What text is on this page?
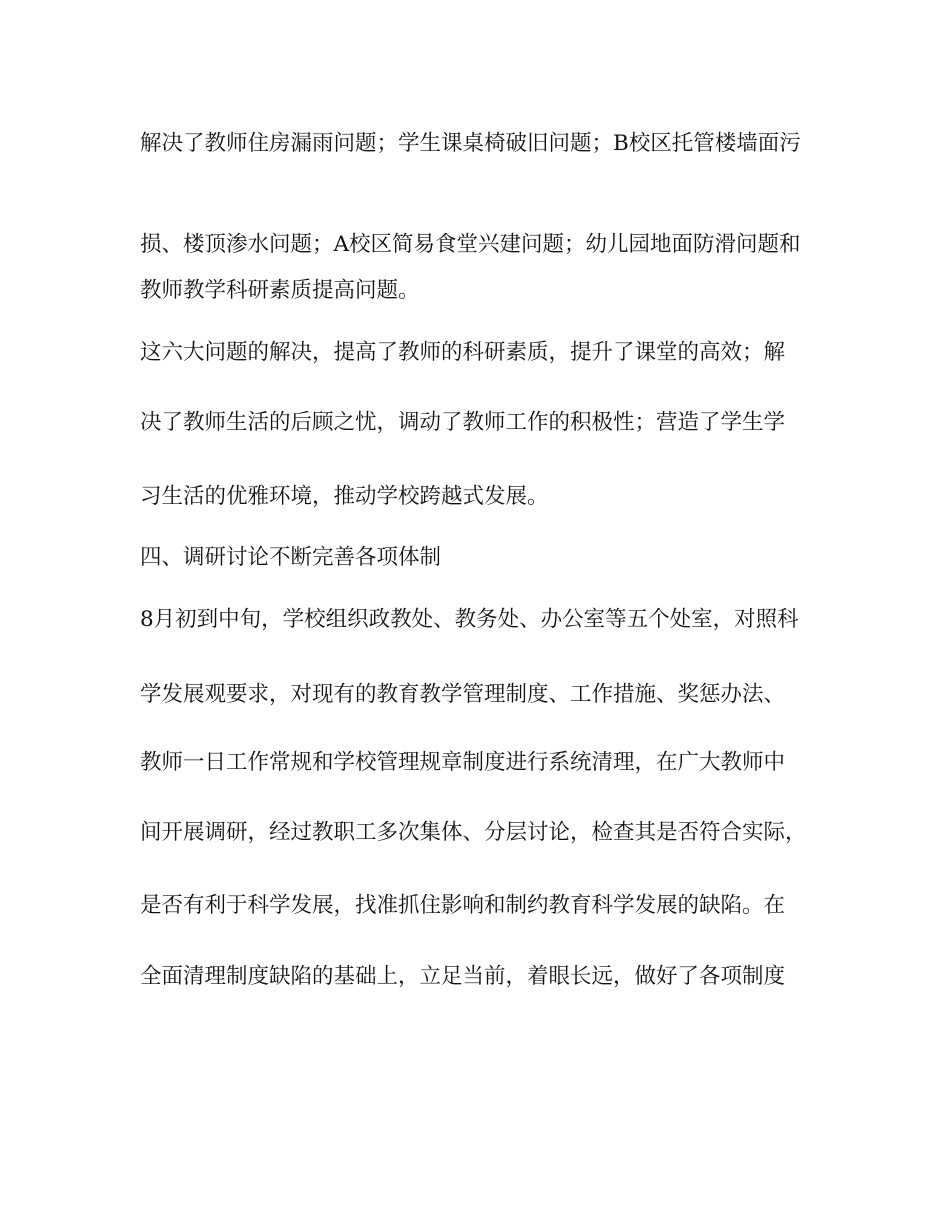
解决了教师住房漏雨问题；学生课桌椅破旧问题；B校区托管楼墙面污
损、楼顶渗水问题；A校区简易食堂兴建问题；幼儿园地面防滑问题和
教师教学科研素质提高问题。
这六大问题的解决，提高了教师的科研素质，提升了课堂的高效；解
决了教师生活的后顾之忧，调动了教师工作的积极性；营造了学生学
习生活的优雅环境，推动学校跨越式发展。
四、调研讨论不断完善各项体制
8月初到中旬，学校组织政教处、教务处、办公室等五个处室，对照科
学发展观要求，对现有的教育教学管理制度、工作措施、奖惩办法、
教师一日工作常规和学校管理规章制度进行系统清理，在广大教师中
间开展调研，经过教职工多次集体、分层讨论，检查其是否符合实际，
是否有利于科学发展，找准抓住影响和制约教育科学发展的缺陷。在
全面清理制度缺陷的基础上，立足当前，着眼长远，做好了各项制度
